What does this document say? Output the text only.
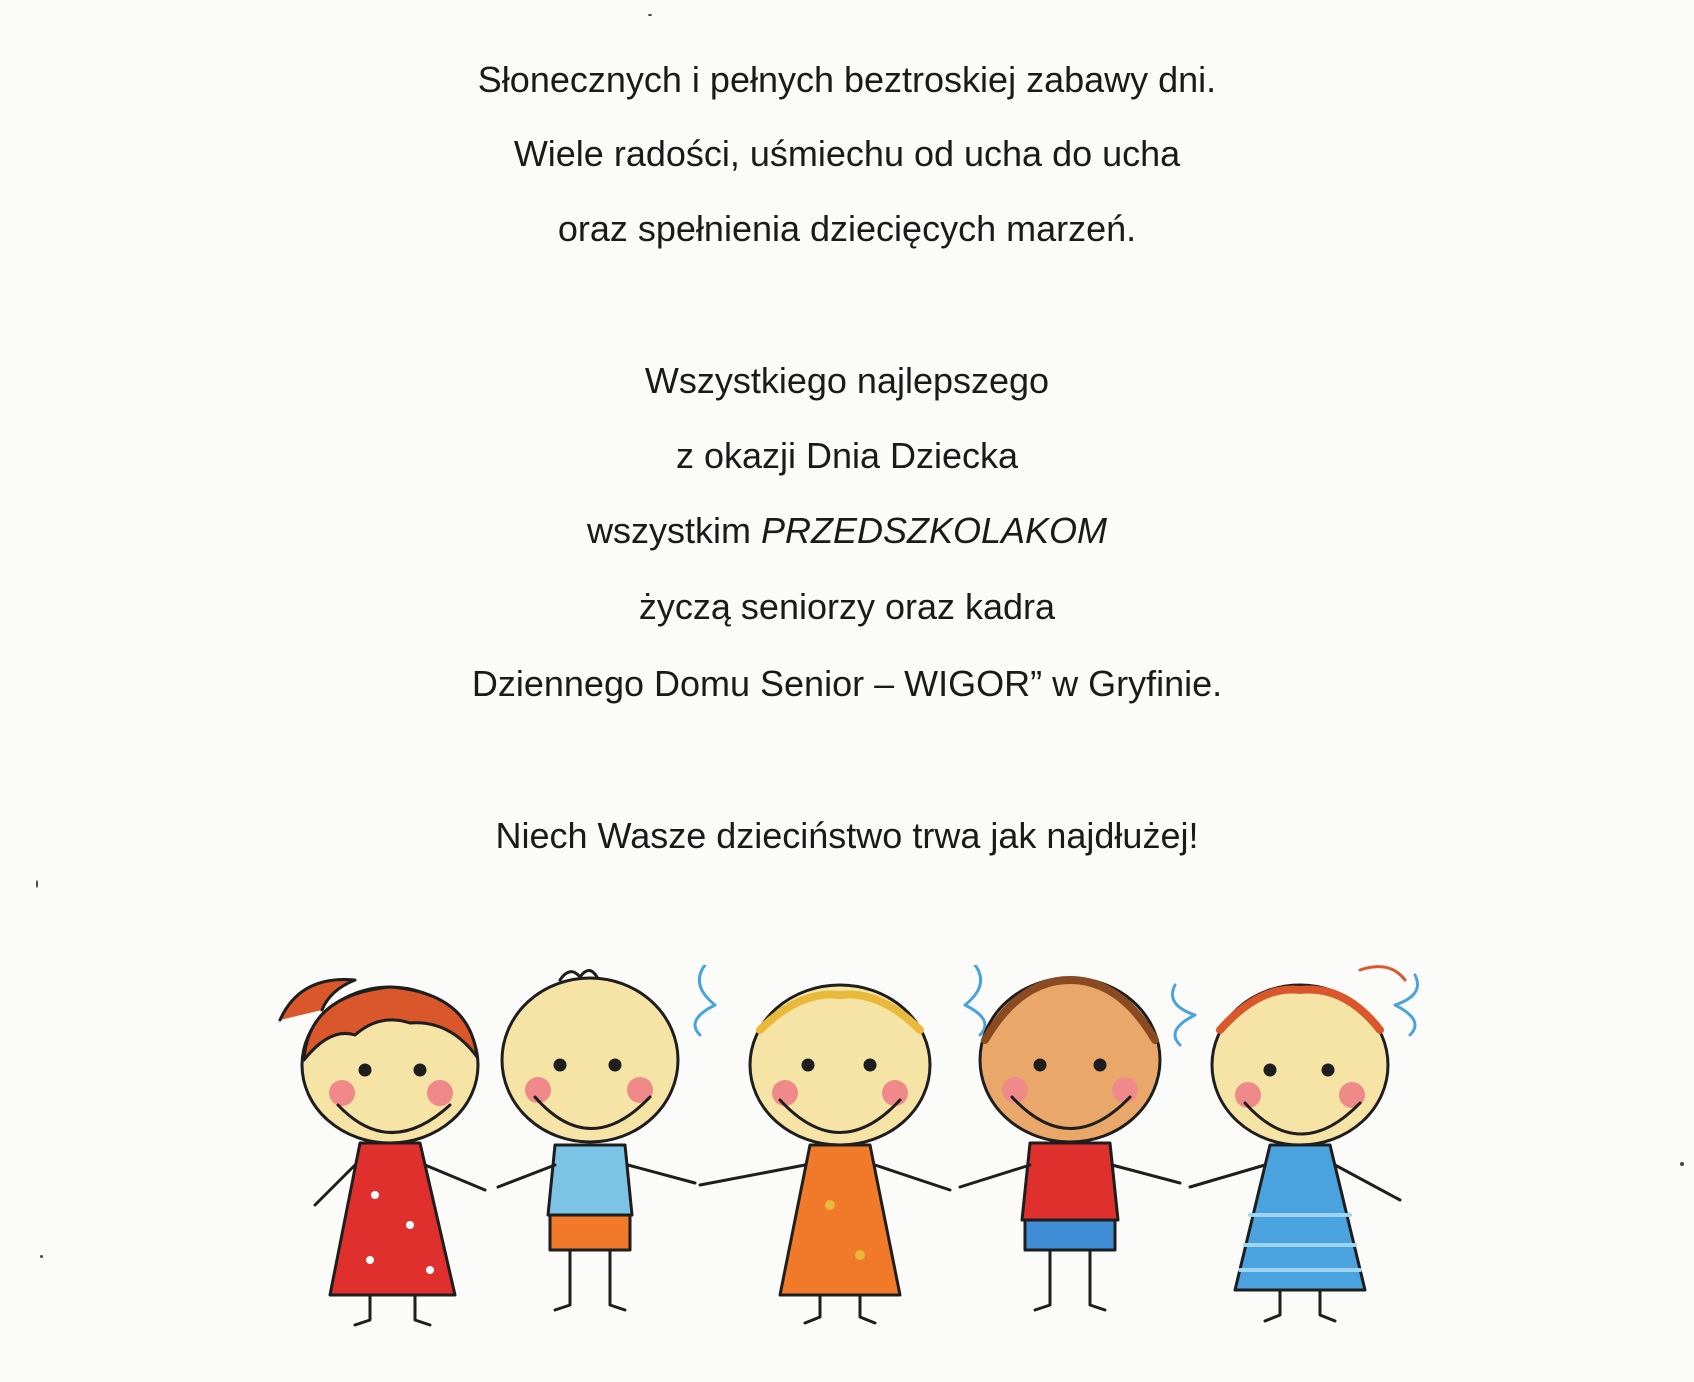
Słonecznych i pełnych beztroskiej zabawy dni.
Wiele radości, uśmiechu od ucha do ucha
oraz spełnienia dziecięcych marzeń.
Wszystkiego najlepszego
z okazji Dnia Dziecka
wszystkim PRZEDSZKOLAKOM
życzą seniorzy oraz kadra
Dziennego Domu Senior – WIGOR” w Gryfinie.
Niech Wasze dzieciństwo trwa jak najdłużej!
